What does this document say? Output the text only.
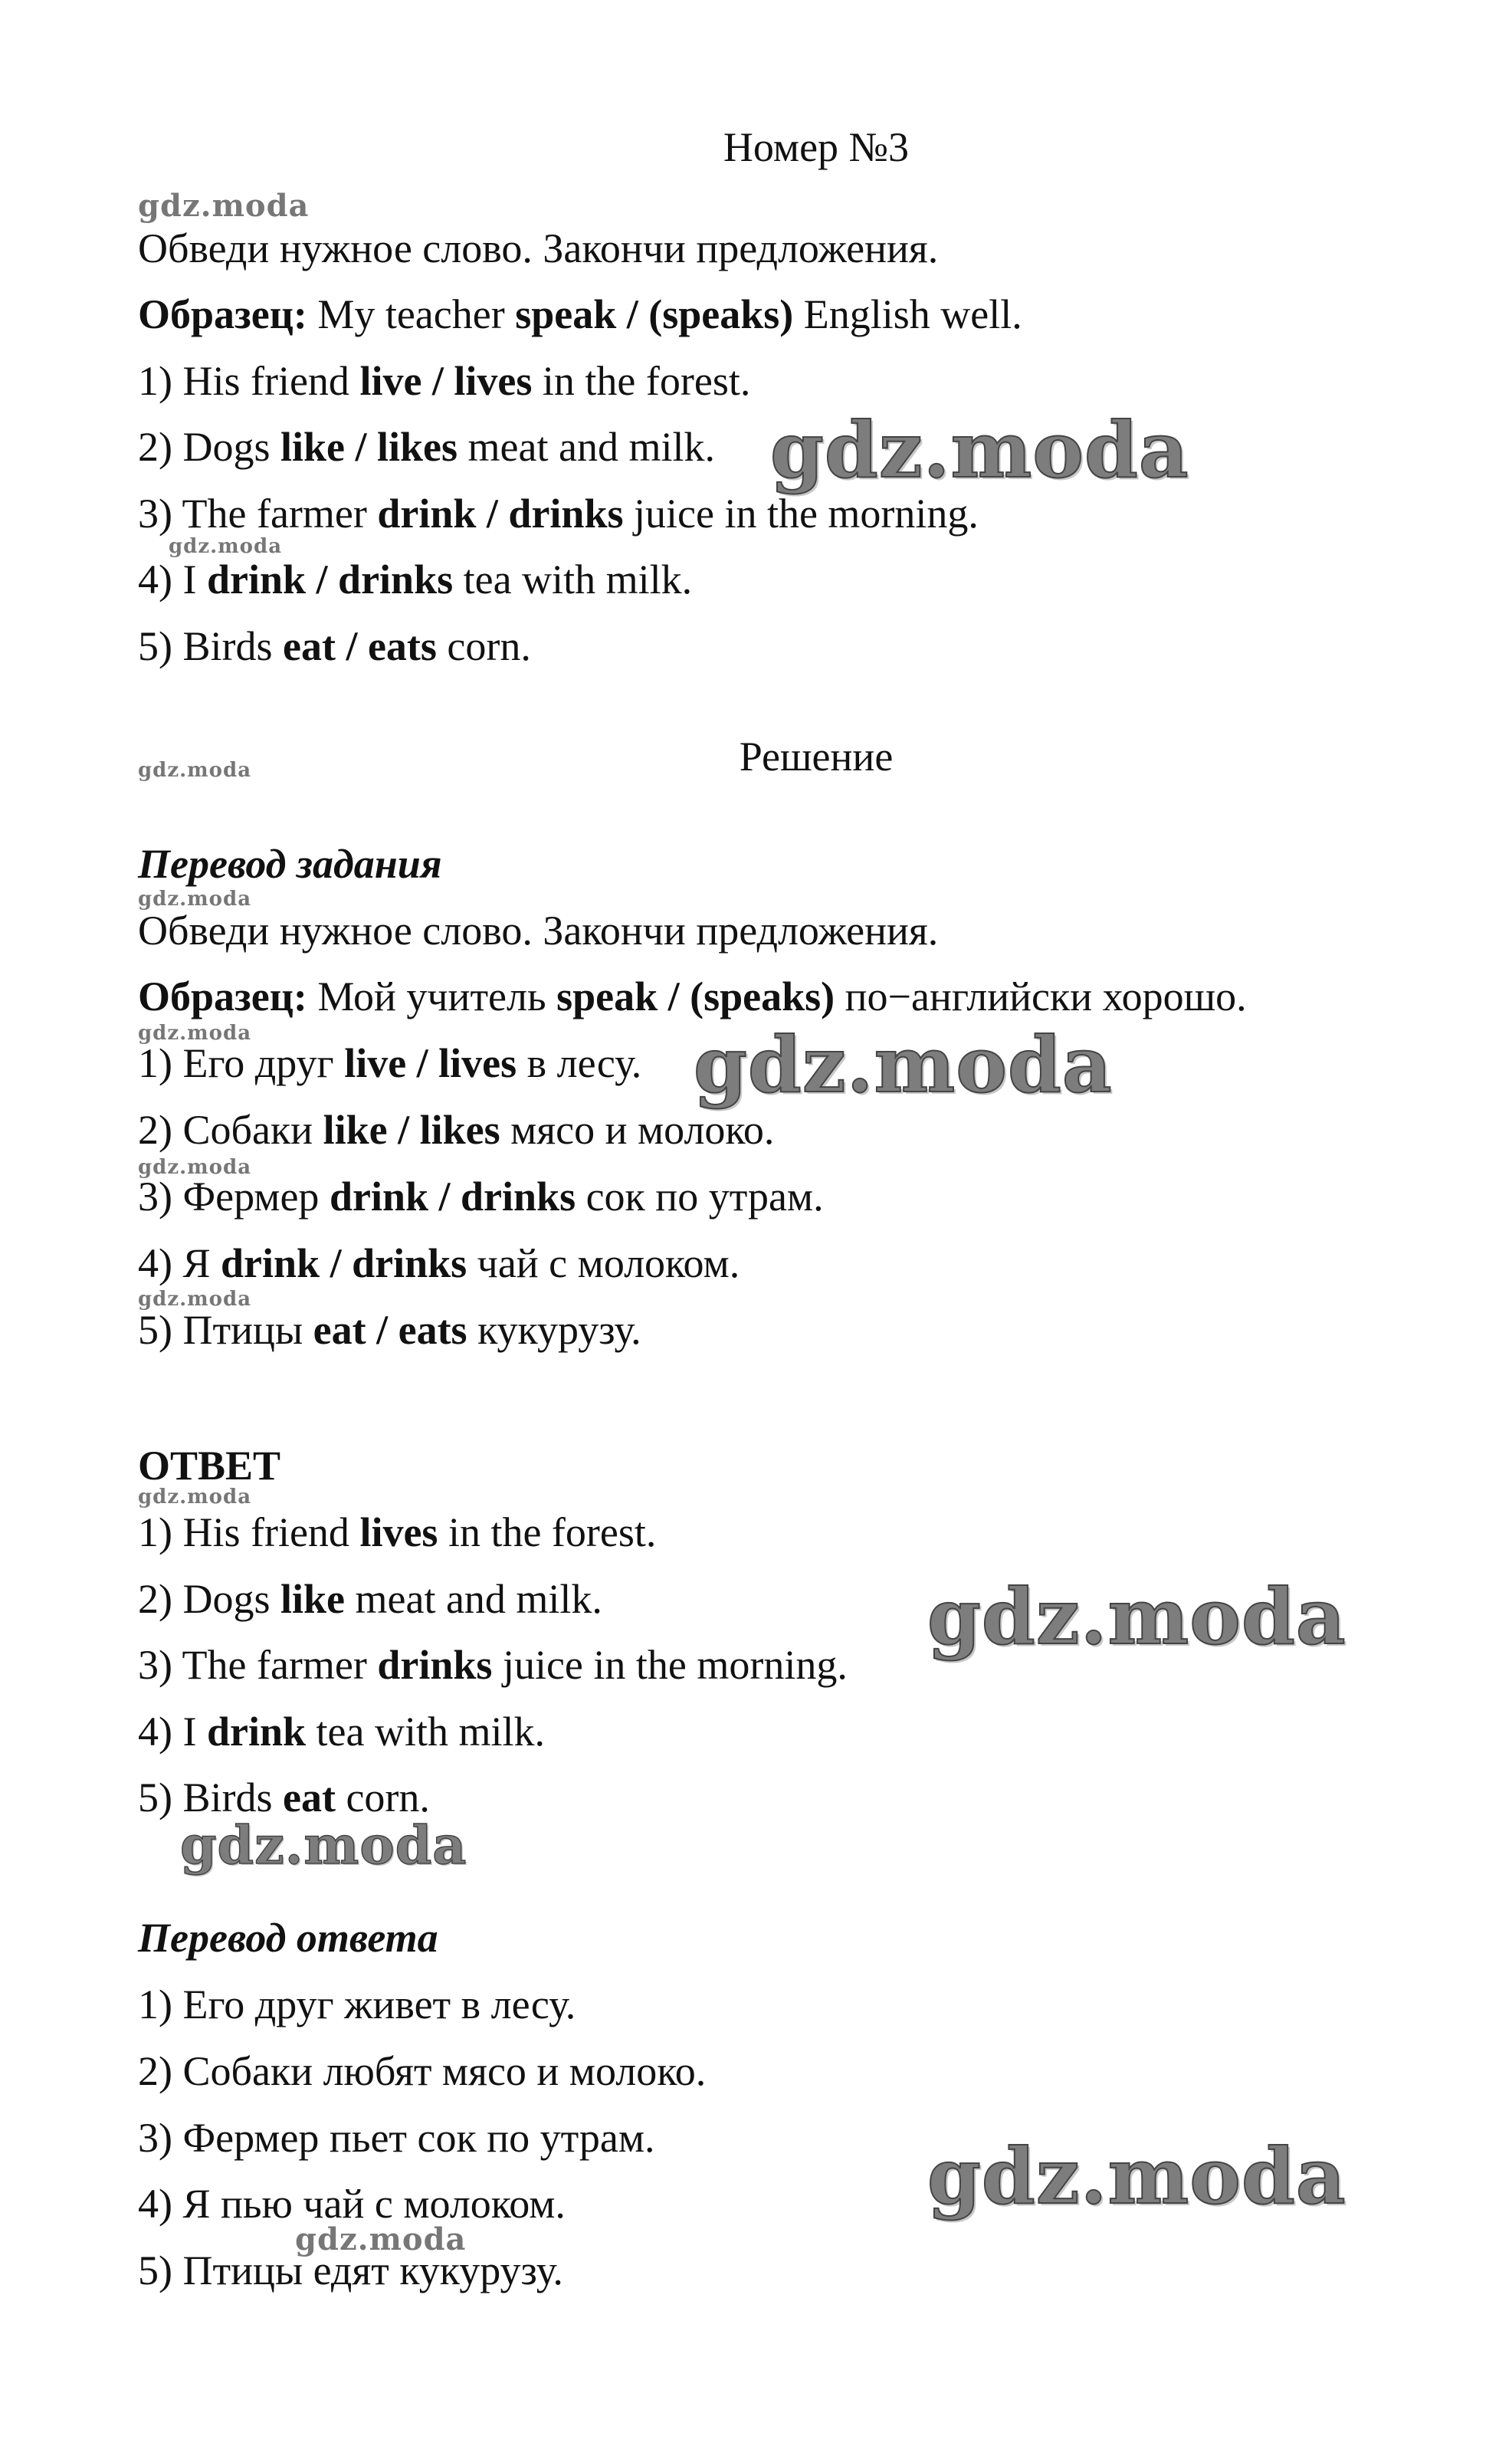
Номер №3
gdz.moda
Обведи нужное слово. Закончи предложения.
Образец: My teacher speak / (speaks) English well.
1) His friend live / lives in the forest.
2) Dogs like / likes meat and milk. gdz.moda
3) The farmer drink / drinks juice in the morning.
gdz.moda
4) I drink / drinks tea with milk.
5) Birds eat / eats corn.
gdz.moda	Решение
Перевод задания
gdz.moda
Обведи нужное слово. Закончи предложения.
Образец: Мой учитель speak / (speaks) по−английски хорошо.
gdz.moda
1) Его друг live / lives в лесу. gdz.moda
2) Собаки like / likes мясо и молоко.
gdz.moda
3) Фермер drink / drinks сок по утрам.
4) Я drink / drinks чай с молоком.
gdz.moda
5) Птицы eat / eats кукурузу.
ОТВЕТ
gdz.moda
1) His friend lives in the forest.
2) Dogs like meat and milk.	gdz.moda
3) The farmer drinks juice in the morning.
4) I drink tea with milk.
5) Birds eat corn.
gdz.moda
Перевод ответа
1) Его друг живет в лесу.
2) Собаки любят мясо и молоко.
3) Фермер пьет сок по утрам.	gdz.moda
4) Я пью чай с молоком.
gdz.moda
5) Птицы едят кукурузу.
